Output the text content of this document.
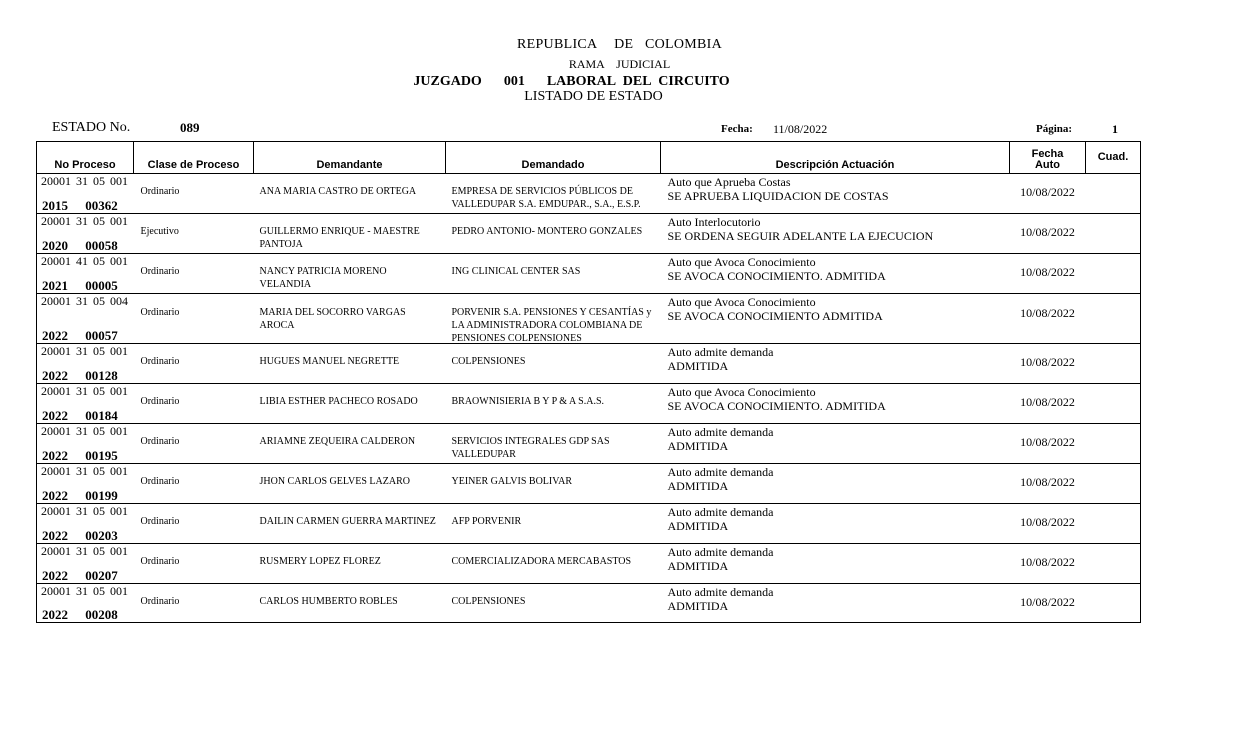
REPUBLICA   DE  COLOMBIA
RAMA  JUDICIAL
JUZGADO 001 LABORAL DEL CIRCUITO
LISTADO DE ESTADO
ESTADO No.	089	Fecha: 11/08/2022	Página:	1
No Proceso	Clase de Proceso	Demandante	Demandado	Descripción Actuación	Fecha
Auto	Cuad.

20001 31 05 001
2015 00362	Ordinario	ANA MARIA CASTRO DE ORTEGA	EMPRESA DE SERVICIOS PÚBLICOS DE VALLEDUPAR S.A. EMDUPAR., S.A., E.S.P.	Auto que Aprueba Costas
SE APRUEBA LIQUIDACION DE COSTAS	10/08/2022	

20001 31 05 001
2020 00058	Ejecutivo	GUILLERMO ENRIQUE - MAESTRE PANTOJA	PEDRO ANTONIO- MONTERO GONZALES	Auto Interlocutorio
SE ORDENA SEGUIR ADELANTE LA EJECUCION	10/08/2022	

20001 41 05 001
2021 00005	Ordinario	NANCY PATRICIA MORENO VELANDIA	ING CLINICAL CENTER SAS	Auto que Avoca Conocimiento
SE AVOCA CONOCIMIENTO. ADMITIDA	10/08/2022	

20001 31 05 004
2022 00057	Ordinario	MARIA DEL SOCORRO VARGAS AROCA	PORVENIR S.A. PENSIONES Y CESANTÍAS y LA ADMINISTRADORA COLOMBIANA DE PENSIONES COLPENSIONES	Auto que Avoca Conocimiento
SE AVOCA CONOCIMIENTO ADMITIDA	10/08/2022	

20001 31 05 001
2022 00128	Ordinario	HUGUES MANUEL NEGRETTE	COLPENSIONES	Auto admite demanda
ADMITIDA	10/08/2022	

20001 31 05 001
2022 00184	Ordinario	LIBIA ESTHER PACHECO ROSADO	BRAOWNISIERIA B Y P & A S.A.S.	Auto que Avoca Conocimiento
SE AVOCA CONOCIMIENTO. ADMITIDA	10/08/2022	

20001 31 05 001
2022 00195	Ordinario	ARIAMNE ZEQUEIRA CALDERON	SERVICIOS INTEGRALES GDP SAS VALLEDUPAR	Auto admite demanda
ADMITIDA	10/08/2022	

20001 31 05 001
2022 00199	Ordinario	JHON CARLOS GELVES LAZARO	YEINER GALVIS BOLIVAR	Auto admite demanda
ADMITIDA	10/08/2022	

20001 31 05 001
2022 00203	Ordinario	DAILIN CARMEN GUERRA MARTINEZ	AFP PORVENIR	Auto admite demanda
ADMITIDA	10/08/2022	

20001 31 05 001
2022 00207	Ordinario	RUSMERY LOPEZ FLOREZ	COMERCIALIZADORA MERCABASTOS	Auto admite demanda
ADMITIDA	10/08/2022	

20001 31 05 001
2022 00208	Ordinario	CARLOS HUMBERTO ROBLES	COLPENSIONES	Auto admite demanda
ADMITIDA	10/08/2022	
